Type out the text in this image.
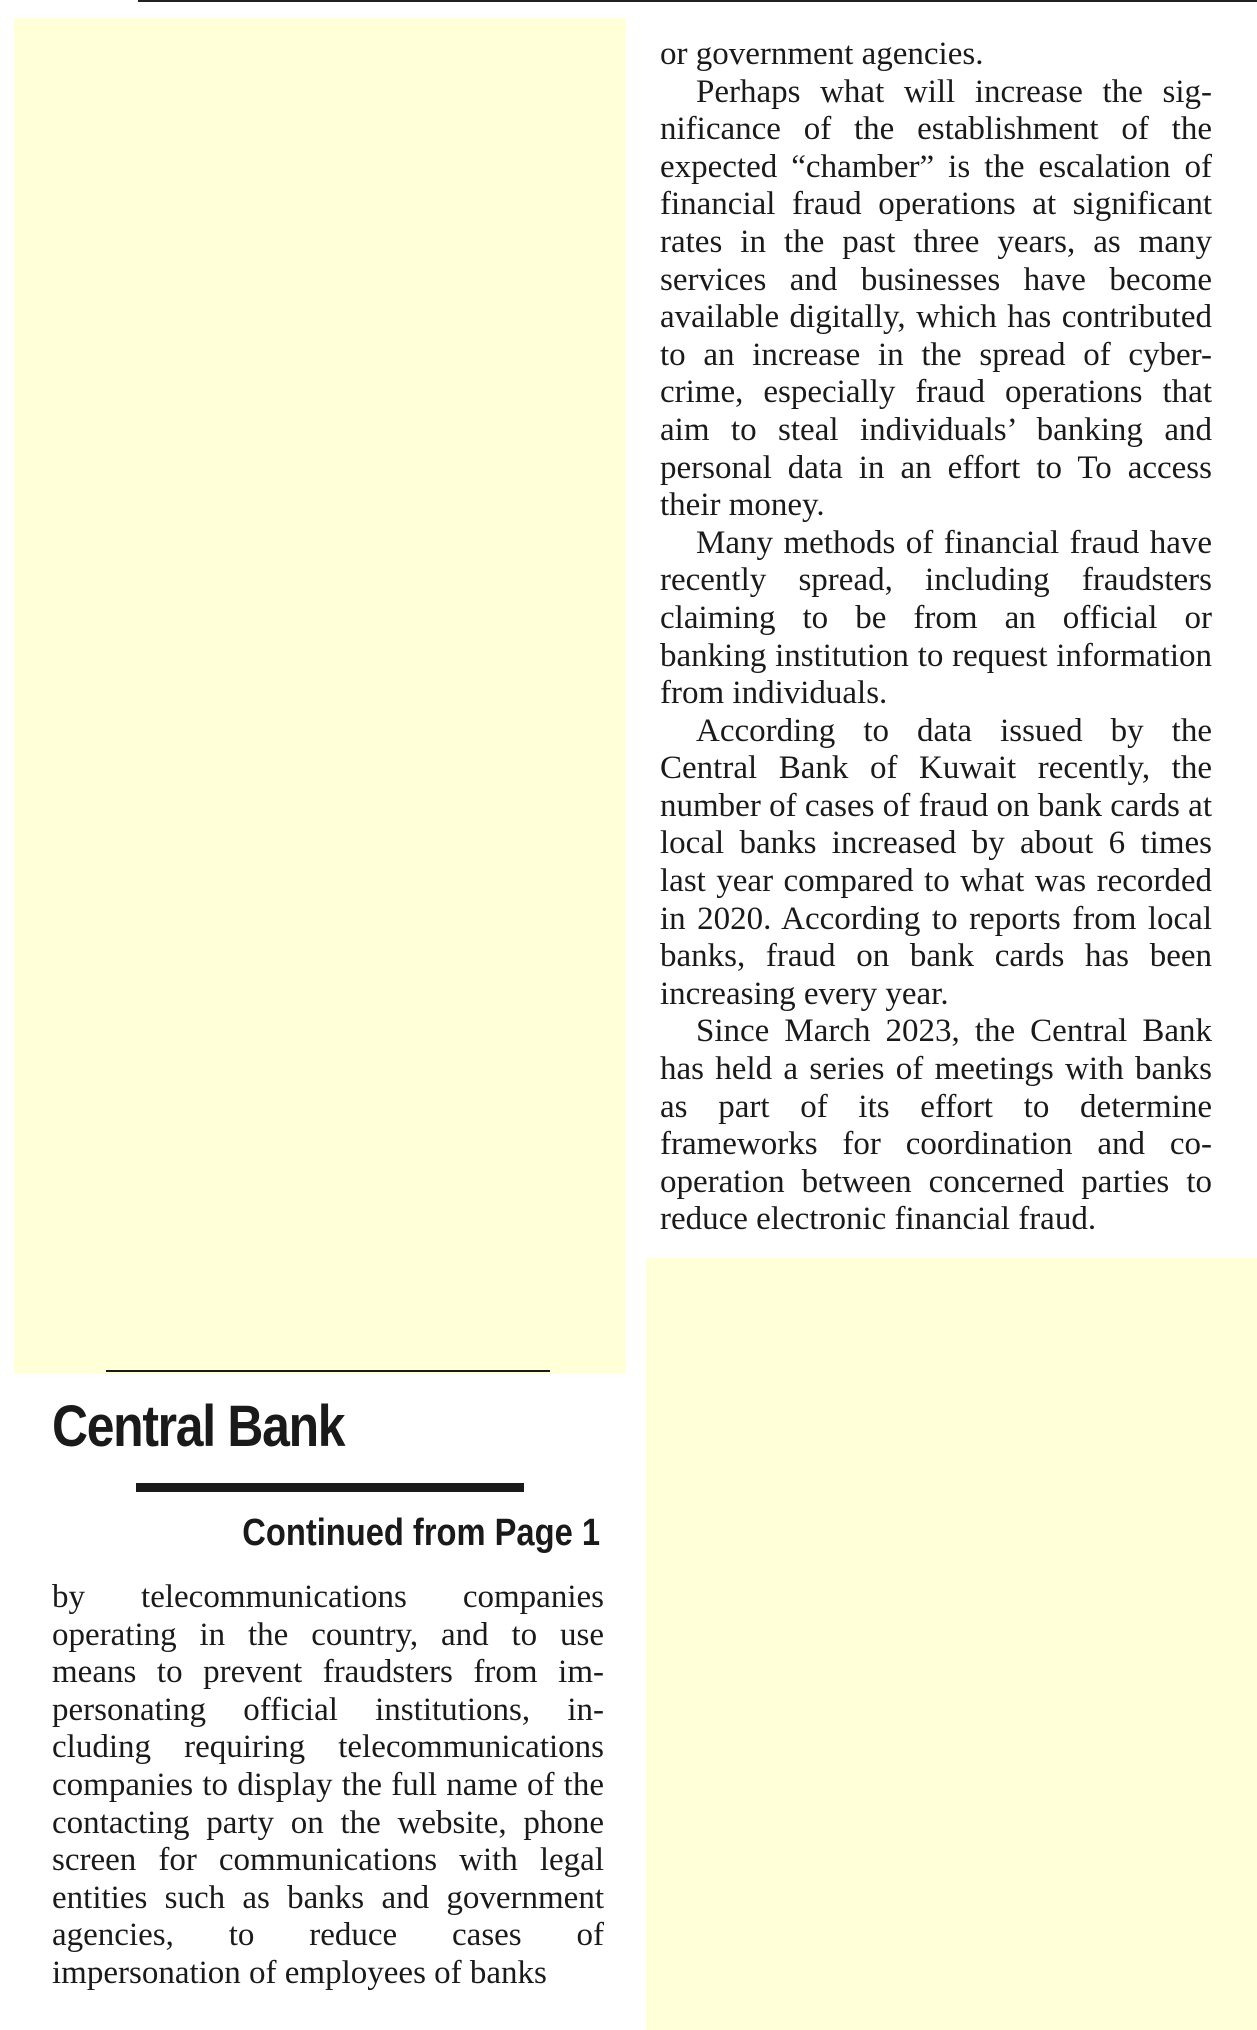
or government agencies.

Perhaps what will increase the significance of the establishment of the expected “chamber” is the escalation of financial fraud operations at significant rates in the past three years, as many services and businesses have become available digitally, which has contributed to an increase in the spread of cyber-crime, especially fraud operations that aim to steal individuals’ banking and personal data in an effort to To access their money.

Many methods of financial fraud have recently spread, including fraudsters claiming to be from an official or banking institution to request information from individuals.

According to data issued by the Central Bank of Kuwait recently, the number of cases of fraud on bank cards at local banks increased by about 6 times last year compared to what was recorded in 2020. According to reports from local banks, fraud on bank cards has been increasing every year.

Since March 2023, the Central Bank has held a series of meetings with banks as part of its effort to determine frameworks for coordination and cooperation between concerned parties to reduce electronic financial fraud.

Central Bank
Continued from Page 1

by telecommunications companies operating in the country, and to use means to prevent fraudsters from impersonating official institutions, including requiring telecommunications companies to display the full name of the contacting party on the website, phone screen for communications with legal entities such as banks and government agencies, to reduce cases of impersonation of employees of banks
